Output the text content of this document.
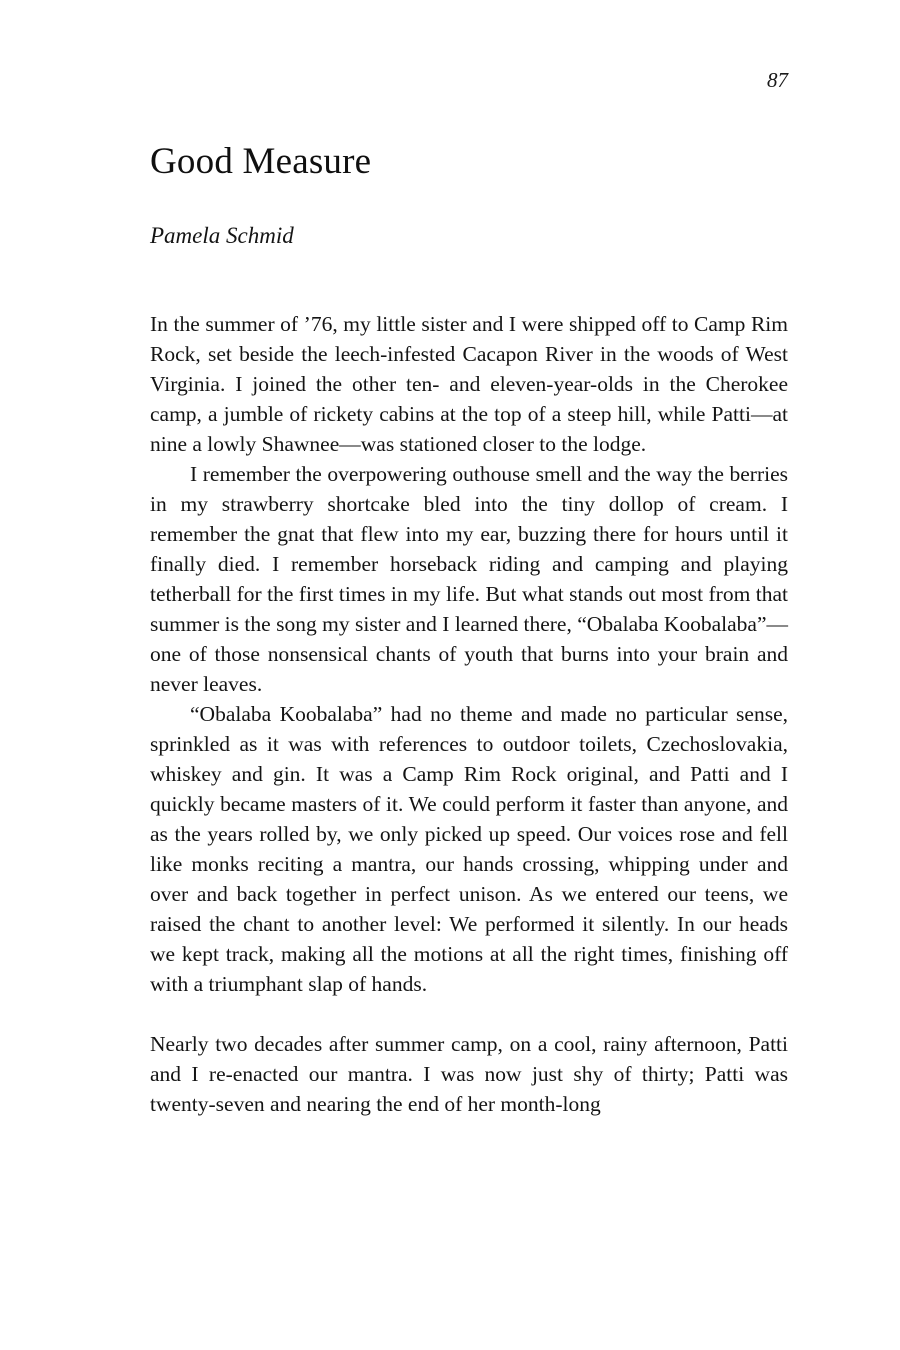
87
Good Measure
Pamela Schmid

In the summer of ’76, my little sister and I were shipped off to Camp Rim Rock, set beside the leech-infested Cacapon River in the woods of West Virginia. I joined the other ten- and eleven-year-olds in the Cherokee camp, a jumble of rickety cabins at the top of a steep hill, while Patti—at nine a lowly Shawnee—was stationed closer to the lodge.

I remember the overpowering outhouse smell and the way the berries in my strawberry shortcake bled into the tiny dollop of cream. I remember the gnat that flew into my ear, buzzing there for hours until it finally died. I remember horseback riding and camping and playing tetherball for the first times in my life. But what stands out most from that summer is the song my sister and I learned there, “Obalaba Koobalaba”—one of those nonsensical chants of youth that burns into your brain and never leaves.

“Obalaba Koobalaba” had no theme and made no particular sense, sprinkled as it was with references to outdoor toilets, Czechoslovakia, whiskey and gin. It was a Camp Rim Rock original, and Patti and I quickly became masters of it. We could perform it faster than anyone, and as the years rolled by, we only picked up speed. Our voices rose and fell like monks reciting a mantra, our hands crossing, whipping under and over and back together in perfect unison. As we entered our teens, we raised the chant to another level: We performed it silently. In our heads we kept track, making all the motions at all the right times, finishing off with a triumphant slap of hands.

Nearly two decades after summer camp, on a cool, rainy afternoon, Patti and I re-enacted our mantra. I was now just shy of thirty; Patti was twenty-seven and nearing the end of her month-long
